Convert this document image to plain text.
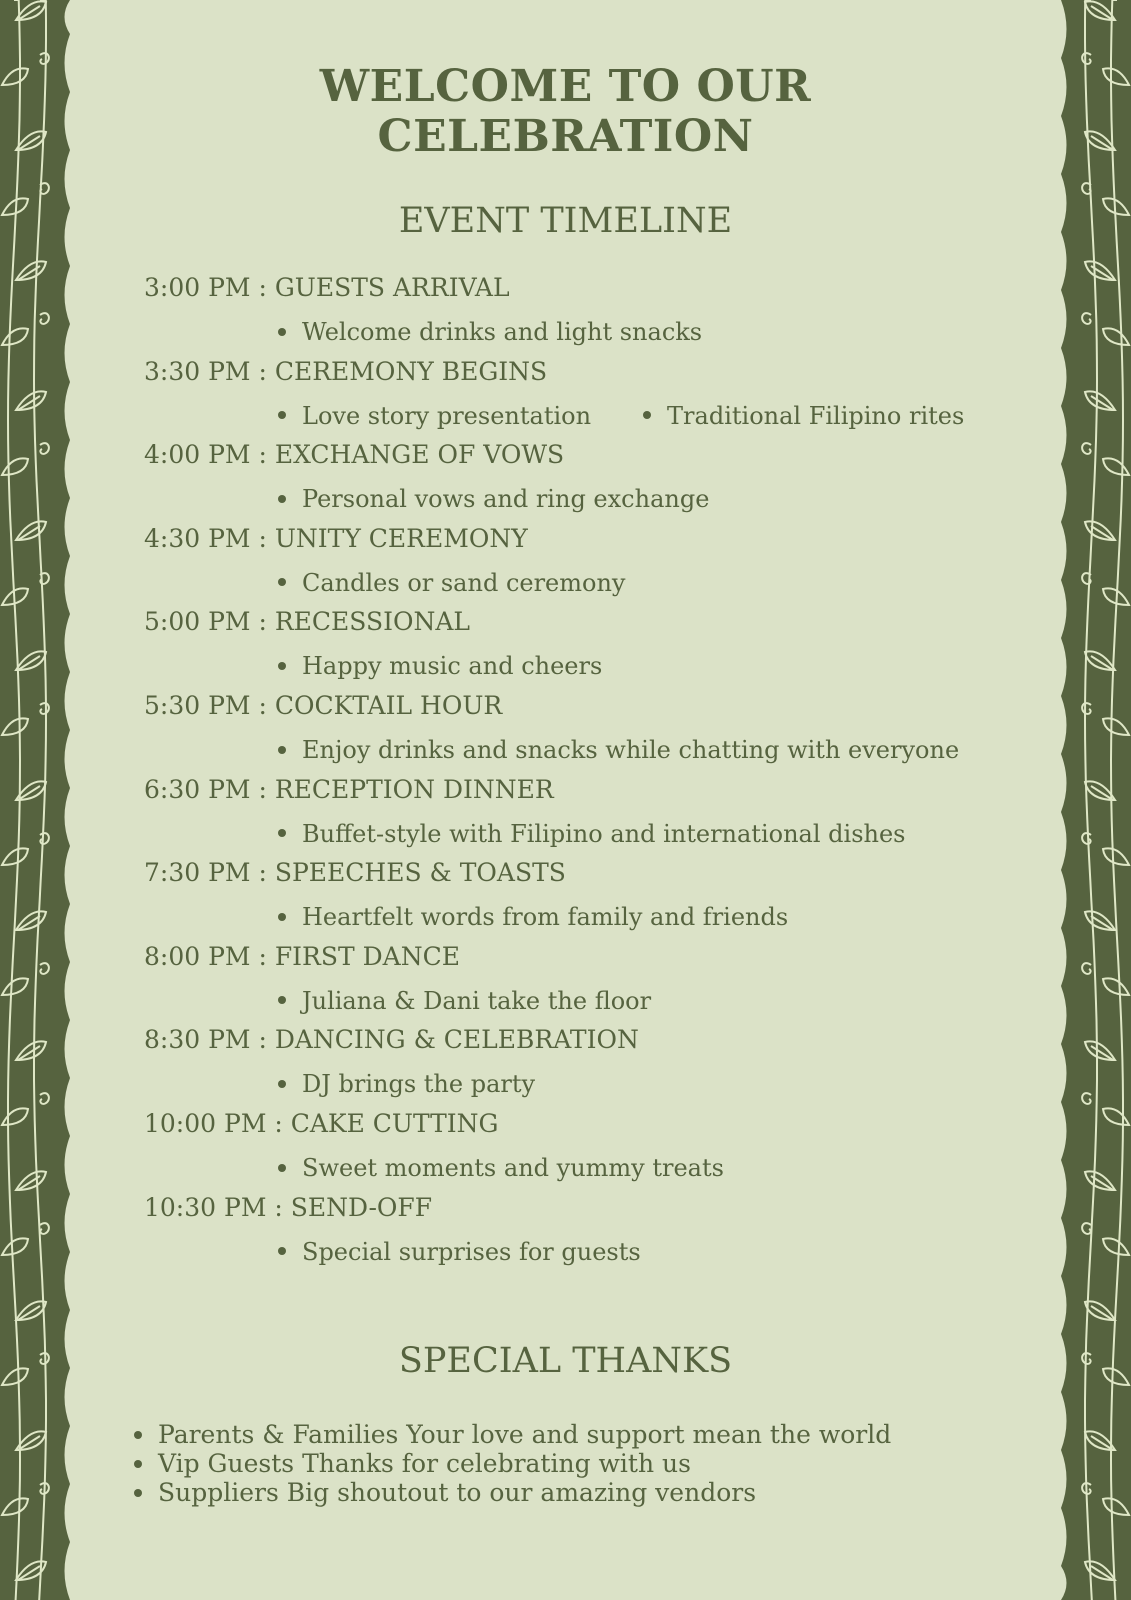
WELCOME TO OUR
CELEBRATION
EVENT TIMELINE
3:00 PM : GUESTS ARRIVAL
Welcome drinks and light snacks
3:30 PM : CEREMONY BEGINS
Love story presentation	Traditional Filipino rites
4:00 PM : EXCHANGE OF VOWS
Personal vows and ring exchange
4:30 PM : UNITY CEREMONY
Candles or sand ceremony
5:00 PM : RECESSIONAL
Happy music and cheers
5:30 PM : COCKTAIL HOUR
Enjoy drinks and snacks while chatting with everyone
6:30 PM : RECEPTION DINNER
Buffet-style with Filipino and international dishes
7:30 PM : SPEECHES & TOASTS
Heartfelt words from family and friends
8:00 PM : FIRST DANCE
Juliana & Dani take the floor
8:30 PM : DANCING & CELEBRATION
DJ brings the party
10:00 PM : CAKE CUTTING
Sweet moments and yummy treats
10:30 PM : SEND-OFF
Special surprises for guests
SPECIAL THANKS
Parents & Families Your love and support mean the world
Vip Guests Thanks for celebrating with us
Suppliers Big shoutout to our amazing vendors
